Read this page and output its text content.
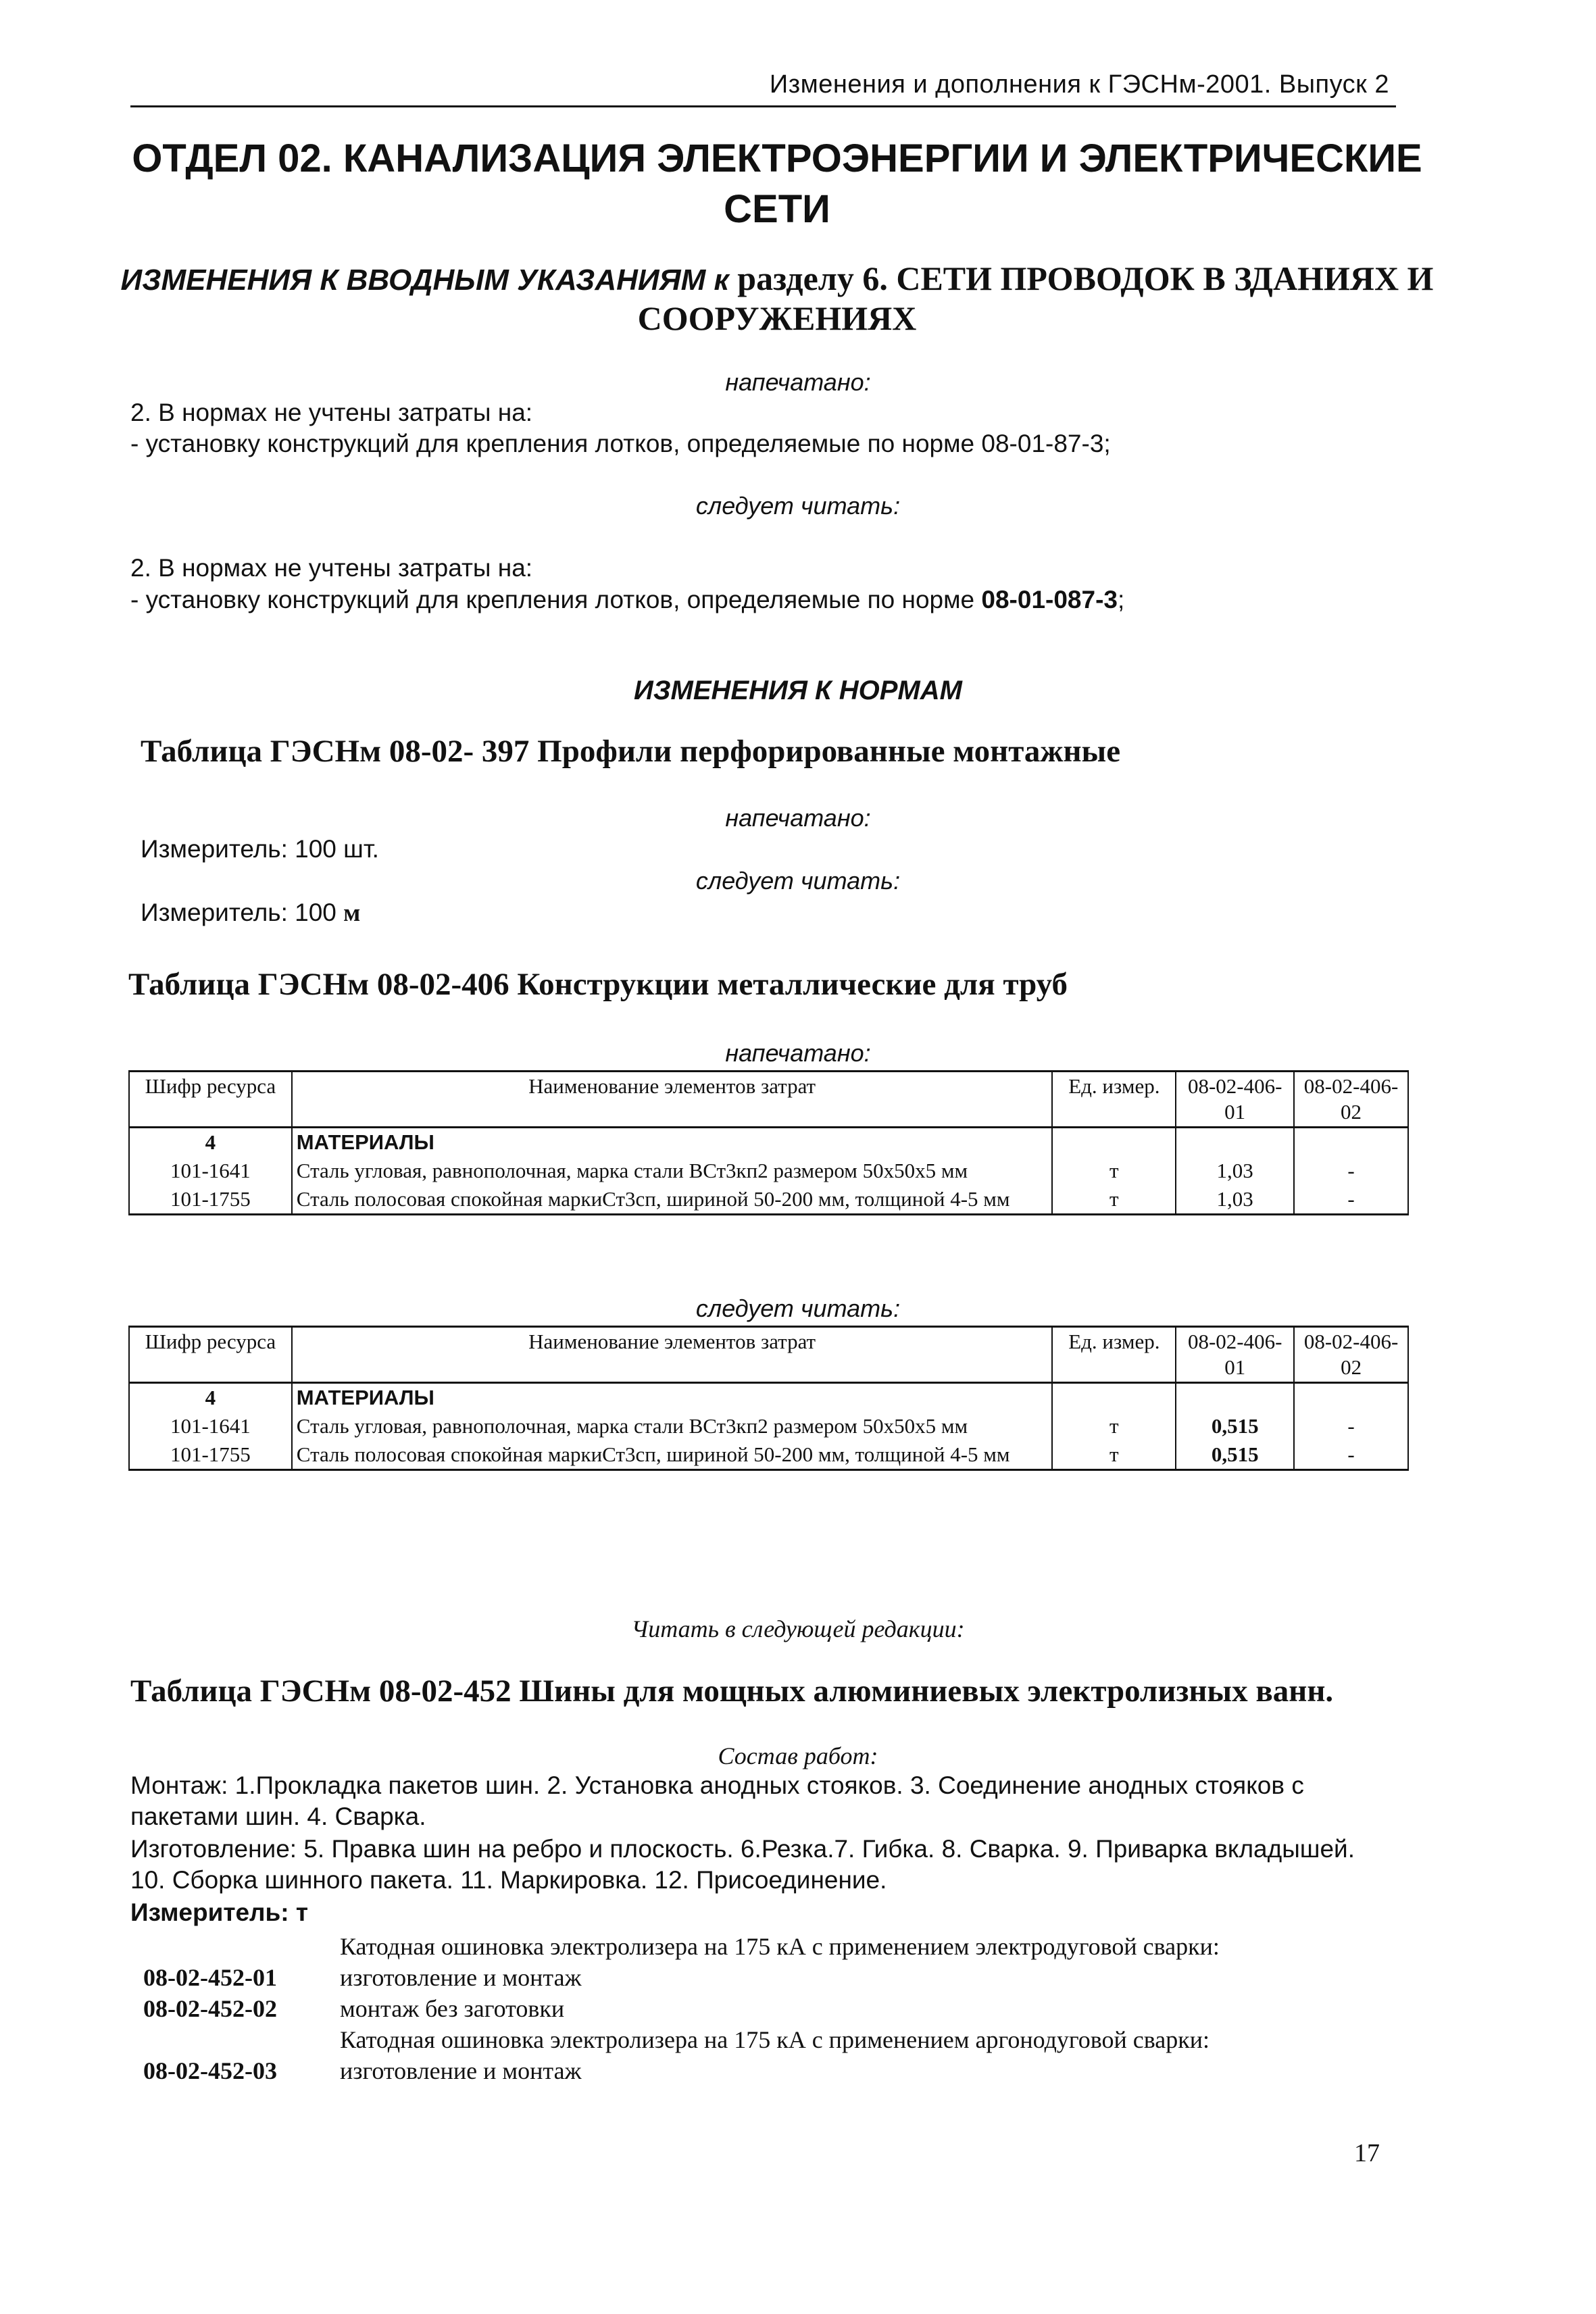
Изменения и дополнения к ГЭСНм-2001. Выпуск 2
ОТДЕЛ 02. КАНАЛИЗАЦИЯ ЭЛЕКТРОЭНЕРГИИ И ЭЛЕКТРИЧЕСКИЕ
СЕТИ
ИЗМЕНЕНИЯ К ВВОДНЫМ УКАЗАНИЯМ к разделу 6. СЕТИ ПРОВОДОК В ЗДАНИЯХ И
СООРУЖЕНИЯХ
напечатано:
2. В нормах не учтены затраты на:
- установку конструкций для крепления лотков, определяемые по норме 08-01-87-3;
следует читать:
2. В нормах не учтены затраты на:
- установку конструкций для крепления лотков, определяемые по норме 08-01-087-3;
ИЗМЕНЕНИЯ К НОРМАМ
Таблица ГЭСНм 08-02- 397 Профили перфорированные монтажные
напечатано:
Измеритель: 100 шт.
следует читать:
Измеритель: 100 м
Таблица ГЭСНм 08-02-406 Конструкции металлические для труб
напечатано:
Шифр ресурса	Наименование элементов затрат	Ед. измер.	08-02-406-01	08-02-406-02
4	МАТЕРИАЛЫ			
101-1641	Сталь угловая, равнополочная, марка стали ВСт3кп2 размером 50х50х5 мм	т	1,03	-
101-1755	Сталь полосовая спокойная маркиСт3сп, шириной 50-200 мм, толщиной 4-5 мм	т	1,03	-
следует читать:
Шифр ресурса	Наименование элементов затрат	Ед. измер.	08-02-406-01	08-02-406-02
4	МАТЕРИАЛЫ			
101-1641	Сталь угловая, равнополочная, марка стали ВСт3кп2 размером 50х50х5 мм	т	0,515	-
101-1755	Сталь полосовая спокойная маркиСт3сп, шириной 50-200 мм, толщиной 4-5 мм	т	0,515	-
Читать в следующей редакции:
Таблица ГЭСНм 08-02-452 Шины для мощных алюминиевых электролизных ванн.
Состав работ:
Монтаж: 1.Прокладка пакетов шин. 2. Установка анодных стояков. 3. Соединение анодных стояков с
пакетами шин. 4. Сварка.
Изготовление: 5. Правка шин на ребро и плоскость. 6.Резка.7. Гибка. 8. Сварка. 9. Приварка вкладышей.
10. Сборка шинного пакета. 11. Маркировка. 12. Присоединение.
Измеритель: т
Катодная ошиновка электролизера на 175 кА с применением электродуговой сварки:
08-02-452-01	изготовление и монтаж
08-02-452-02	монтаж без заготовки
Катодная ошиновка электролизера на 175 кА с применением аргонодуговой сварки:
08-02-452-03	изготовление и монтаж
17
